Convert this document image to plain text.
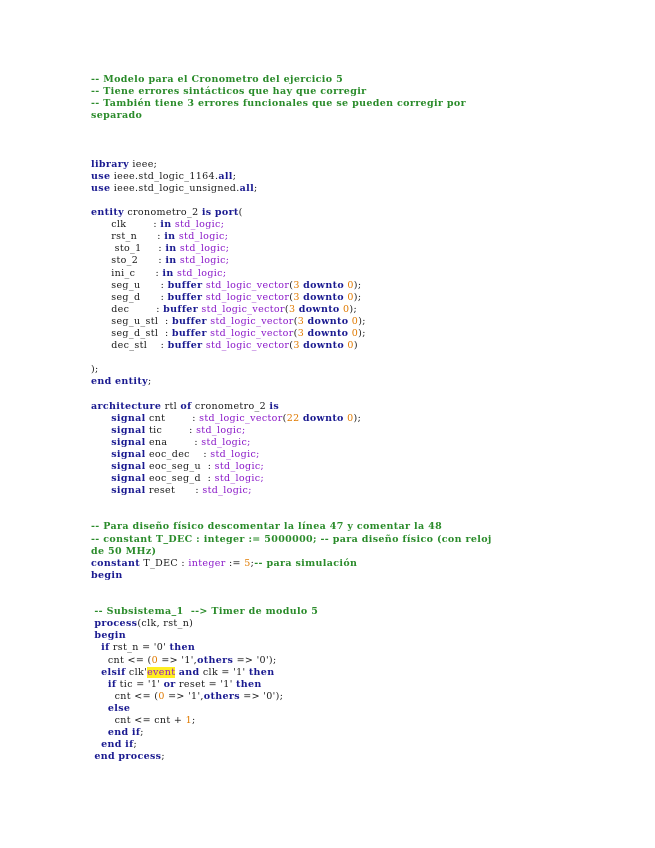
-- Modelo para el Cronometro del ejercicio 5
-- Tiene errores sintácticos que hay que corregir
-- También tiene 3 errores funcionales que se pueden corregir por
separado

library ieee;
use ieee.std_logic_1164.all;
use ieee.std_logic_unsigned.all;

entity cronometro_2 is port(
clk        : in std_logic;
rst_n      : in std_logic;
sto_1     : in std_logic;
sto_2      : in std_logic;
ini_c      : in std_logic;
seg_u      : buffer std_logic_vector(3 downto 0);
seg_d      : buffer std_logic_vector(3 downto 0);
dec        : buffer std_logic_vector(3 downto 0);
seg_u_stl  : buffer std_logic_vector(3 downto 0);
seg_d_stl  : buffer std_logic_vector(3 downto 0);
dec_stl    : buffer std_logic_vector(3 downto 0)

);
end entity;

architecture rtl of cronometro_2 is
signal cnt        : std_logic_vector(22 downto 0);
signal tic        : std_logic;
signal ena        : std_logic;
signal eoc_dec    : std_logic;
signal eoc_seg_u  : std_logic;
signal eoc_seg_d  : std_logic;
signal reset      : std_logic;

-- Para diseño físico descomentar la línea 47 y comentar la 48
-- constant T_DEC : integer := 5000000; -- para diseño físico (con reloj
de 50 MHz)
constant T_DEC : integer := 5;-- para simulación
begin

-- Subsistema_1  --> Timer de modulo 5
process(clk, rst_n)
begin
if rst_n = '0' then
cnt <= (0 => '1',others => '0');
elsif clk'event and clk = '1' then
if tic = '1' or reset = '1' then
cnt <= (0 => '1',others => '0');
else
cnt <= cnt + 1;
end if;
end if;
end process;
